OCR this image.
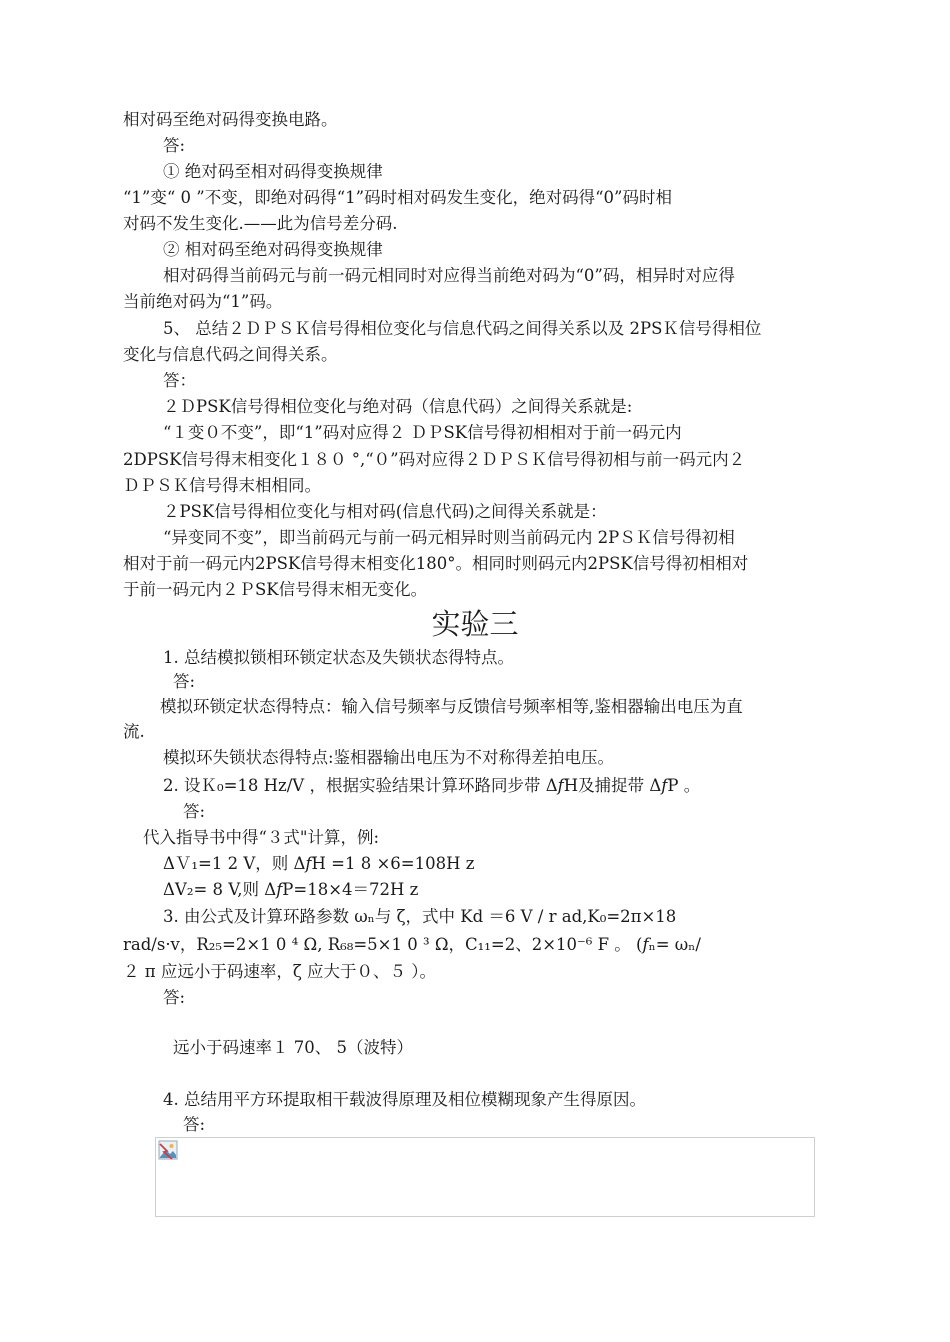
相对码至绝对码得变换电路。
答:
① 绝对码至相对码得变换规律
“1”变“ 0 ”不变，即绝对码得“1”码时相对码发生变化，绝对码得“0”码时相
对码不发生变化.——此为信号差分码.
② 相对码至绝对码得变换规律
相对码得当前码元与前一码元相同时对应得当前绝对码为“0”码，相异时对应得
当前绝对码为“1”码。
5、 总结２ＤＰＳＫ信号得相位变化与信息代码之间得关系以及 2PSＫ信号得相位
变化与信息代码之间得关系。
答：
２ＤPSK信号得相位变化与绝对码（信息代码）之间得关系就是:
“１变０不变”，即“1”码对应得２ ＤＰSK信号得初相相对于前一码元内
2DPSK信号得末相变化１８０ °,“０”码对应得２ＤＰＳＫ信号得初相与前一码元内２
ＤＰＳＫ信号得末相相同。
２PSK信号得相位变化与相对码(信息代码)之间得关系就是：
“异变同不变”，即当前码元与前一码元相异时则当前码元内 2PＳＫ信号得初相
相对于前一码元内2PSK信号得末相变化180°。相同时则码元内2PSK信号得初相相对
于前一码元内２ＰSK信号得末相无变化。
实验三
1. 总结模拟锁相环锁定状态及失锁状态得特点。
答:
模拟环锁定状态得特点：输入信号频率与反馈信号频率相等,鉴相器输出电压为直
流.
模拟环失锁状态得特点:鉴相器输出电压为不对称得差拍电压。
2. 设Ｋ₀=18 Hz/V ，根据实验结果计算环路同步带 Δ𝑓H及捕捉带 Δ𝑓P 。
答:
代入指导书中得“３式"计算，例:
ΔＶ₁=1 2 V，则 Δ𝑓H =1 8 ×6=108H z
ΔV₂= 8 V,则 Δ𝑓P=18×4＝72H z
3. 由公式及计算环路参数 ωₙ与 ζ，式中 Kd ＝6 V / r ad,K₀=2π×18
rad/s·v，R₂₅=2×1 0 ⁴ Ω, R₆₈=5×1 0 ³ Ω，C₁₁=2、2×10⁻⁶ F 。 (𝑓ₙ= ωₙ/
２ π 应远小于码速率，ζ 应大于０、５ ）。
答:
远小于码速率１ 70、 5（波特）
4. 总结用平方环提取相干载波得原理及相位模糊现象产生得原因。
答:
